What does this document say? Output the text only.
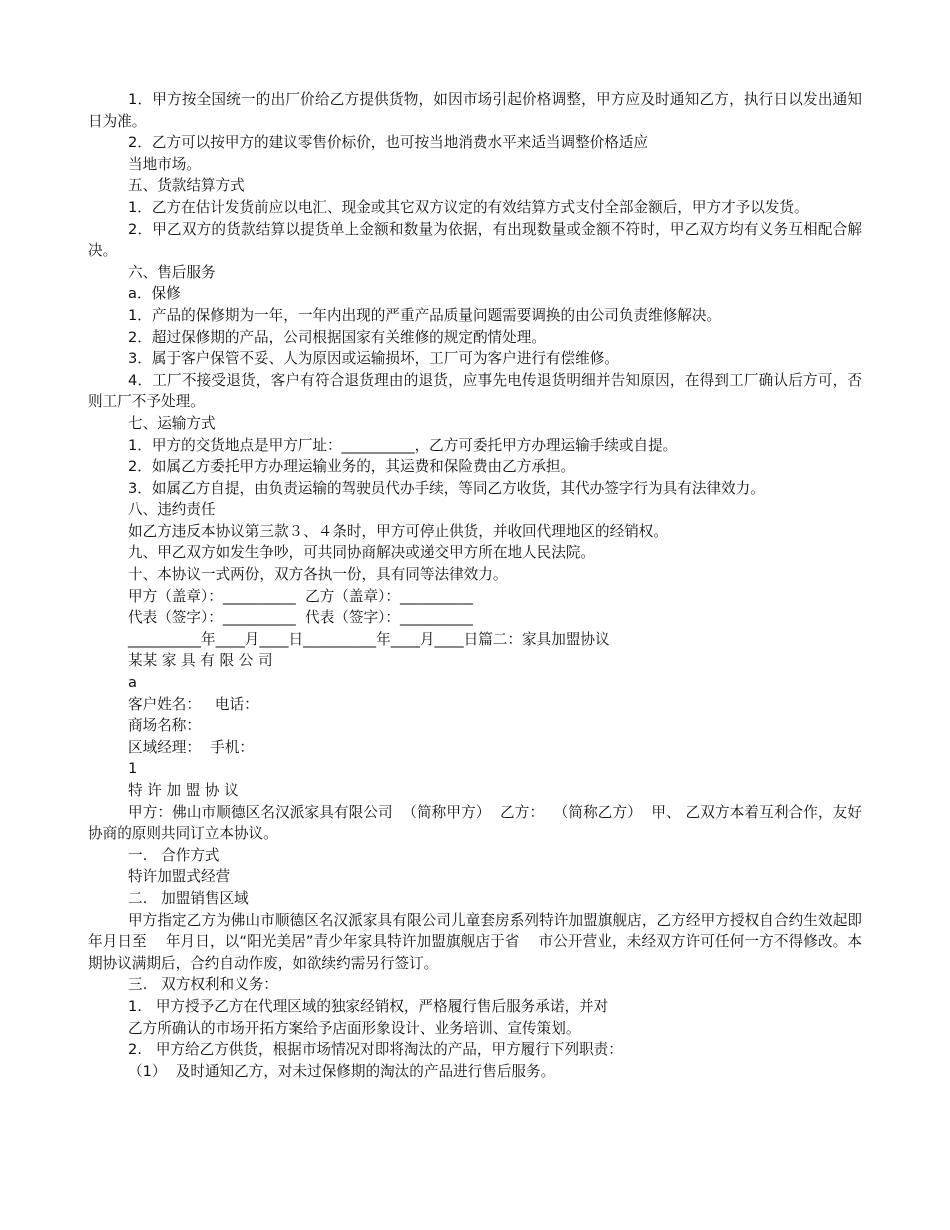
1．甲方按全国统一的出厂价给乙方提供货物，如因市场引起价格调整，甲方应及时通知乙方，执行日以发出通知日为准。

2．乙方可以按甲方的建议零售价标价，也可按当地消费水平来适当调整价格适应

当地市场。

五、货款结算方式

1．乙方在估计发货前应以电汇、现金或其它双方议定的有效结算方式支付全部金额后，甲方才予以发货。

2．甲乙双方的货款结算以提货单上金额和数量为依据，有出现数量或金额不符时，甲乙双方均有义务互相配合解决。

六、售后服务

a．保修

1．产品的保修期为一年，一年内出现的严重产品质量问题需要调换的由公司负责维修解决。

2．超过保修期的产品，公司根据国家有关维修的规定酌情处理。

3．属于客户保管不妥、人为原因或运输损坏，工厂可为客户进行有偿维修。

4．工厂不接受退货，客户有符合退货理由的退货，应事先电传退货明细并告知原因，在得到工厂确认后方可，否则工厂不予处理。

七、运输方式

1．甲方的交货地点是甲方厂址：__________，乙方可委托甲方办理运输手续或自提。

2．如属乙方委托甲方办理运输业务的，其运费和保险费由乙方承担。

3．如属乙方自提，由负责运输的驾驶员代办手续，等同乙方收货，其代办签字行为具有法律效力。

八、违约责任

如乙方违反本协议第三款３、４条时，甲方可停止供货，并收回代理地区的经销权。

九、甲乙双方如发生争吵，可共同协商解决或递交甲方所在地人民法院。

十、本协议一式两份，双方各执一份，具有同等法律效力。

甲方（盖章）：__________  乙方（盖章）：__________

代表（签字）：__________  代表（签字）：__________

__________年____月____日__________年____月____日篇二：家具加盟协议

某某 家 具 有 限 公 司

a

客户姓名：   电话：

商场名称：

区域经理：  手机：

1

特 许 加 盟 协 议

甲方：佛山市顺德区名汉派家具有限公司  （简称甲方）  乙方：  （简称乙方）  甲、 乙双方本着互利合作，友好协商的原则共同订立本协议。

一.   合作方式

特许加盟式经营

二.   加盟销售区域

甲方指定乙方为佛山市顺德区名汉派家具有限公司儿童套房系列特许加盟旗舰店，乙方经甲方授权自合约生效起即    年月日至    年月日，以“阳光美居”青少年家具特许加盟旗舰店于省    市公开营业，未经双方许可任何一方不得修改。本期协议满期后，合约自动作废，如欲续约需另行签订。

三.   双方权利和义务：

1.   甲方授予乙方在代理区域的独家经销权，严格履行售后服务承诺，并对

乙方所确认的市场开拓方案给予店面形象设计、业务培训、宣传策划。

2.   甲方给乙方供货，根据市场情况对即将淘汰的产品，甲方履行下列职责：

（1）  及时通知乙方，对未过保修期的淘汰的产品进行售后服务。
